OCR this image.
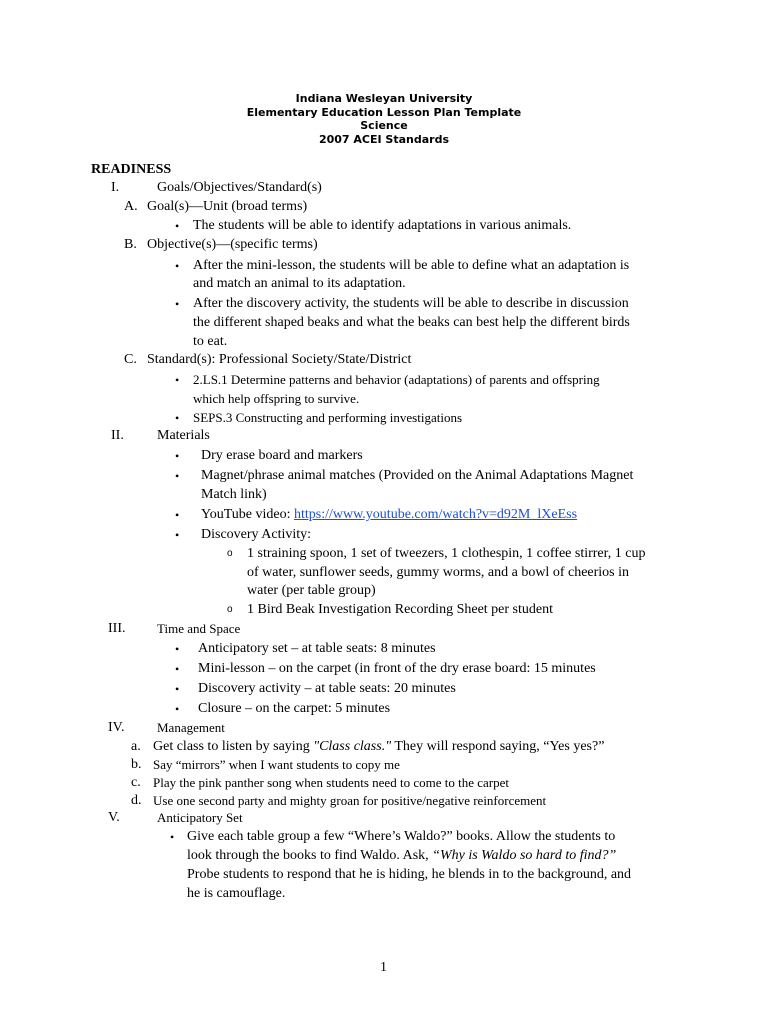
Indiana Wesleyan University
Elementary Education Lesson Plan Template
Science
2007 ACEI Standards
READINESS
I.	Goals/Objectives/Standard(s)
A. Goal(s)—Unit (broad terms)
• The students will be able to identify adaptations in various animals.
B. Objective(s)—(specific terms)
• After the mini-lesson, the students will be able to define what an adaptation is
and match an animal to its adaptation.
• After the discovery activity, the students will be able to describe in discussion
the different shaped beaks and what the beaks can best help the different birds
to eat.
C. Standard(s): Professional Society/State/District
• 2.LS.1 Determine patterns and behavior (adaptations) of parents and offspring
which help offspring to survive.
• SEPS.3 Constructing and performing investigations
II. Materials
• Dry erase board and markers
• Magnet/phrase animal matches (Provided on the Animal Adaptations Magnet
Match link)
• YouTube video: https://www.youtube.com/watch?v=d92M_lXeEss
• Discovery Activity:
o 1 straining spoon, 1 set of tweezers, 1 clothespin, 1 coffee stirrer, 1 cup
of water, sunflower seeds, gummy worms, and a bowl of cheerios in
water (per table group)
o 1 Bird Beak Investigation Recording Sheet per student
III. Time and Space
• Anticipatory set – at table seats: 8 minutes
• Mini-lesson – on the carpet (in front of the dry erase board: 15 minutes
• Discovery activity – at table seats: 20 minutes
• Closure – on the carpet: 5 minutes
IV.	Management
a. Get class to listen by saying "Class class." They will respond saying, “Yes yes?”
b. Say “mirrors” when I want students to copy me
c. Play the pink panther song when students need to come to the carpet
d. Use one second party and mighty groan for positive/negative reinforcement
V.	Anticipatory Set
• Give each table group a few “Where’s Waldo?” books. Allow the students to
look through the books to find Waldo. Ask, “Why is Waldo so hard to find?”
Probe students to respond that he is hiding, he blends in to the background, and
he is camouflage.
1
